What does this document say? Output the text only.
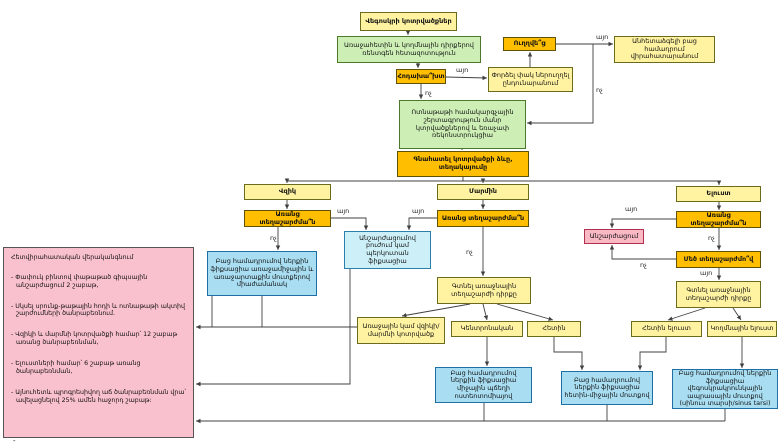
Վեգոսկրի կոտրվածքներ
Առաջահետին և կողմնային դիրքերով ռենտգեն հետազոտություն
Ուղղվե՞ց	Անհետաձգելի բաց համադրում վիրահատարանում
Փորձել փակ ներուղղել ընդունարանում
Հոդախա՞խտ
Ոտնաթաթի համակարգչային շերտագրություն մանր կտրվածքներով և եռաչափ ռեկոնստրուկցիա
Գնահատել կոտրվածքի ձևը, տեղակայումը
Վզիկ	Մարմին	Ելուստ
Առանց տեղաշարժմա՞ն	Առանց տեղաշարժմա՞ն	Առանց տեղաշարժմա՞ն
Անշարժացումով բուժում կամ պերկուտան ֆիքսացիա
Բաց համադրումով ներքին ֆիքսացիա առաջամիջային և առաջարտաքին մուտքերով միաժամանակ
Անշարժացում
Մեծ տեղաշարժմո՞վ
Գտնել առաջնային տեղաշարժի դիրքը	Գտնել առաջնային տեղաշարժի դիրքը
Առաջային կամ վզիկի/ մարմնի կոտրվածք
Կենտրոնական	Հետին	Հետին ելուստ	Կողմնային ելուստ
Բաց համադրումով ներքին ֆիքսացիա միջային պճեղի ոստեոտոմիայով
Բաց համադրումով ներքին ֆիքսացիա հետին-միջային մուտքով
Բաց համադրումով ներքին ֆիքսացիա վեգոսկրակրունկային ապրասային մուտքով (սինուս տարսի/sinus tarsi)
Հետվիրահատական վերականգնում
- Փափուկ բինտով փաթաթած գիպսային անշարժացում 2 շաբաթ,
- Սկսել սրունք-թաթային հոդի և ոտնաթաթի ակտիվ շարժումների ծանրաբեռնում.
- Վզիկի և մարմնի կոտրվածքի համար՝ 12 շաբաթ առանց ծանրաբեռնման,
- Ելուստների համար՝ 6 շաբաթ առանց ծանրաբեռնման,
- Այնուհետև պրոգրեսիվող աճ ծանրաբեռնման վրա՝ ավելացնելով 25% ամեն հաջորդ շաբաթ:
-
այո
ոչ
այո
ոչ
այո	այո
ոչ
ոչ
այո
ոչ
ոչ
այո
